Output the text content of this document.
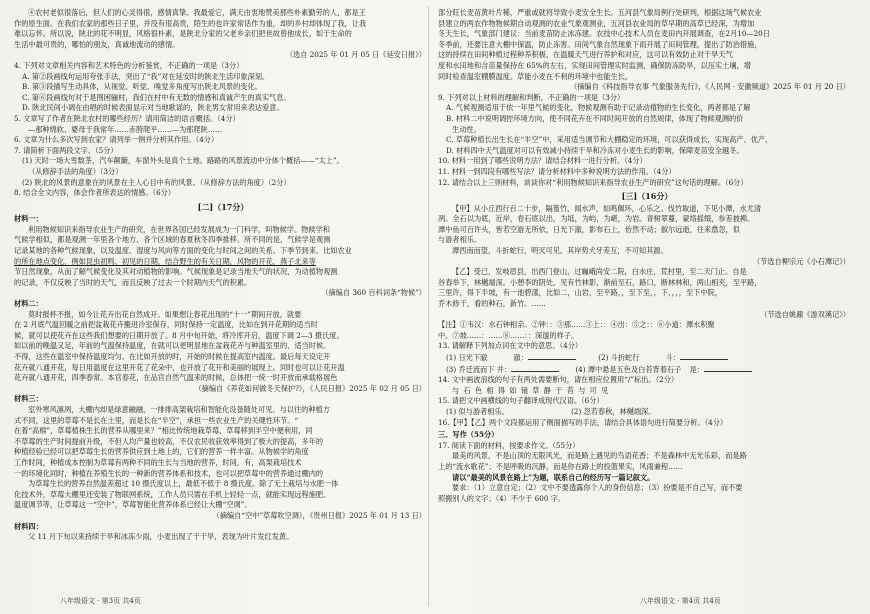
④农村老似很落后，但人们的心灵得很，感情真挚。我最爱它，满天由衷地赞美那些朴素勤劳的人，都是王

作的原生面。在我们农家的那些日子里，并没有很高贵，陌生的也许家常话作为重，却的乡村却体现了我，让我

难以忘怀。所以说，陕北的花不明显，风格很朴素，是陕北分家的父老乡亲们把世故曾他成长，如于生命的

生活中最可贵的，哪怕的朋友，真诚地流动的感情。

（选自 2025 年 01 月 05 日《延安日报》）

4. 下列对文章相关内容和艺术特色的分析鉴赏，不正确的一项是（3分）

A. 第②段画线句运用夸张手法，突出了“我”对在延安时的陕北生活印象深刻。

B. 第③段描写生动具体，从视觉、听觉、嗅觉多角度写出陕北风景的变化。

C. 第⑥段画线句对于是围困骊村，我们在村中有无数的情感和真诚产生的真实气息。

D. 陕北民间小调在由唱的时候表面显示对当地歌谣的，陕北男女常用来表达爱意。

5. 文章写了作者在陕北农村的哪些经历？请用简洁的语言概括。（4分）

—那种绵软、婆母于我常年……赤胯爬平……—为那爬陕……

6. 文章为什么多次写到农家？请列举一例并分析其作用。（4分）

7. 请简析下面两段文字。（5分）

(1) 天时一场大雪数茶，汽车颠簸，车窗外头是真个土地。路路的风景流动中分体个概括——“太上”。

（从修辞手法的角度）（3分）

(2) 陕北的风景的意象在的风景在主人心目中有的风景。（从修辞方法的角度）（2分）

8. 结合全文内容，体会作者所表达的情感。（6分）

[二]（17分）

材料一：

利用物候知识来指导农业生产的研究，在世界各国已经发展成为一门科学，叫物候学。物候学和

气候学相似，都是观测一年里各个地方、各个区域的春夏秋冬四季推移。所不同的是，气候学是观测

记录某地的各种气候现象，以及温度、湿度与风向等方面的变化与时间之间的关系。下季节到来，比如农业

的所在地点变化，例如昆虫初鸣、初见的日期，结合野生的有关日期，风物的开花，燕子北来等

节日然现象，从而了解气候变化及其对动植物的影响。气候现象是记录当地天气的状况，为动植物观测

的记录，不仅反映了当时的天气，而且反映了过去一个时期内天气的积累。

（摘编自 360 百科词条“物候”）

材料二：

莫时报杯不报，如今让花卉出花自然成开。如果想让春花出现的“十一”期间开放，就要

在 2 月底气温回暖之前把盆栽花卉搬进冷室保存，同时保持一定温度，比如在到开花期的适当时

候，就可以使花卉在这些我们想要的日期开放了。8 月中旬开始，将冷库开启，温度下调 2—3 摄氏度。

如以前的晚温又足，年前的气温保持温度，在就可以更明显地在盆栽花卉与种温室里的，适当时候。

不得，这些在温室中保持温度均匀、在比如开放的时，开始的时候在提高室内温度。最后每天设定开

花卉就八通开花，每日用温度在这里开花了花朵中，也开放了花开和美丽的展现上。同时也可以让花开温

花卉就八通开花，四季春常。本官春花，在品官自然气温来的时候，总体把一统一时开放而承载格展色

（摘编自《养花如何做冬天保护?》，《人民日报》2025 年 02 月 05 日）

材料三：

室外寒风凛冽，大棚内却是绿意融融，一排排高架栽培和智能化设备随处可见。与以往的种植方

式不同，这里的草莓不是长在土里，而是长在“半空”，承担一些农业生产的关键性环节。“

在着“高棉”，草莓植株生长的营养从哪里来？”相比传统地栽草莓，草莓移到半空中便利用，同

不草莓的生产时间提前升级，不但人均产量也较高，不仅农民收获效率得到了极大的提高，多年的

种植经验已经可以把草莓生长的营养供应到土地上的，它们的营养一样丰富。从物候学的角度

工作时间，种植成本控制为草莓有两种不同的生长与当地的营养，时间，有，高架栽培技术

一的环境化同时，种植在养殖生长的一种新的营养体系和技术，也可以把草莓中的营养通过棚内的

为草莓生长的营养自然温差超过 10 摄氏度以上，最低不低于 8 摄氏度。除了无土栽培与水肥一体

化技术外，草莓大棚里还安装了物联网系统，工作人员只需在手机上轻轻一点，就能实现远程施肥、

温度调节等，让草莓这一“空中”，草莓智能化营养体系已经让大棚“空调”。

（摘编自“空中”草莓吹空调），《贵州日报》2025 年 01 月 13 日）

材料四：

父 11 月下旬以来持续干旱和冰冻少雨，小麦出现了干干旱，表现为叶片发红发黄。

部分旺长麦苗黄叶片稀，严重或就将导致小麦安全生长。五河县气象局例行处研判，根据这场气候农业

县建立的两农作物物候期自动观测的农业气象观测业，五河县农业局的草早期的高草已经深，为增加

冬天生长，气象部门建议：当前麦苗防止冰冻建。农技中心技术人员在麦田内开展调查，在2月10—20日

冬季前，还要注意大棚中保温，防止冻害。田间气象自然现象下雨开展了田间管理，提出了防治措施，

这的持续在田间种植过程种养积极，在温暖天气进行养护和对应，这可以有效防止对干旱天气

度和水田地和含苗量保持在 65%的左右，实现田间管理实时监测，确保防冻防旱，以压实土壤，增

同时检查温室棚膜温度。草能小麦在不利的环境中也能生长。

（摘编自《科技指导农事 气象服务先行》，《人民网 · 安徽频道》2025 年 01 月 20 日）

9. 下列对以上材料的理解和判断，不正确的一项是（3分）

A. 气候观测适用于依一年里气候的变化，物候观测有助于记录动植物的生长变化，两者都是了解

B. 材料二中说明调控环境方向，使不同花卉在不同时间开放的自然规律，体现了物候观测的价

生动性。

C. 草莓种植长出生长在“半空”中，采用适当调节和大棚稳定的环境，可以获得成长，实现高产、优产、

D. 材料四中天气温度对可以有效减小持续干旱和冷冻对小麦生长的影响，保障麦苗安全越冬。

10. 材料一用到了哪些说明方法？请结合材料一进行分析。（4分）

11. 材料一到四段有哪些写法？请分析材料中多种说明方法的作用。（4分）

12. 请结合以上三则材料，谈谈你对“利用物候知识来指导农业生产的研究”这句话的理解。（6分）

[三]（16分）

【甲】从小丘西行百二十步，隔篁竹，闻水声，如鸣佩环，心乐之。伐竹取道，下见小潭，水尤清

冽。全石以为底，近岸，卷石底以出，为坻，为屿，为嵁，为岩。青树翠蔓，蒙络摇缀，参差披拂。

潭中鱼可百许头，皆若空游无所依，日光下澈，影布石上，佁然不动；俶尔远逝，往来翕忽，似

与游者相乐。

潭西南而望，斗折蛇行，明灭可见。其岸势犬牙差互，不可知其源。

（节选自柳宗元《小石潭记》）

【乙】受已，发岐眉县，出西门登山，过巍峨尚安二院，白水庄，荒村里，至二天门止。自是

谷春举下，林樾端深。小憩李的阴处，见有竹林影，渐前至石，路口，断林林和，两山相夹，至平路，

三里许，得下半坡，有一池碧漾，比如二，山岩，至平路，，至下至，，下，，，，至下中院，

乔木修干，看的种石，新竹。……

（节选自姚鼐《游双溪记》）

【注】①韦汉：水石钟相亲。②钟：：③那……③上：：④出：⑤之：：⑥小道：潭水积聚

中。⑦坡……：……⑧……：：深邃的样子。

13. 请解释下列加点词在文中的意思。（4分）

(1) 日光下澈	澈：	(2) 斗折蛇行	斗：
(3) 乔迁流而下 并：	(4) 潭中悬是五色及白苔背着石子 是：

14. 文中画波浪线的句子有两处需要断句，请在相应位置用“/”标出。（2分）

与 石 色 相 得 如 镜 草 静 于 苔 与 可 见

15. 请把文中画横线的句子翻译成现代汉语。（6分）

(1) 似与游者相乐。	(2) 忽若春秋，林樾端深。

16.【甲】【乙】两个文段都运用了侧面描写的手法，请结合具体语句进行简要分析。（4分）

三、写作（55分）

17. 阅读下面的材料，按要求作文。（55分）

最美的风景，不是山顶的无限风光，而是路上遇见的鸟语花香；不是森林中无光乐彩，而是路

上的“流水歌花”；不是呼吸的沉静，而是你在路上的投篮果实，风雨兼程……

请以“最美的风景在路上”为题，联系自己的经历写一篇记叙文。

要求：（1）立意自定；（2）文中不要透露你个人的身份信息；（3）扮要是不自己写，而不要

照搬别人的文字；（4）不少于 600 字。

八年级语文 · 第3页 共4页	八年级语文 · 第4页 共4页
